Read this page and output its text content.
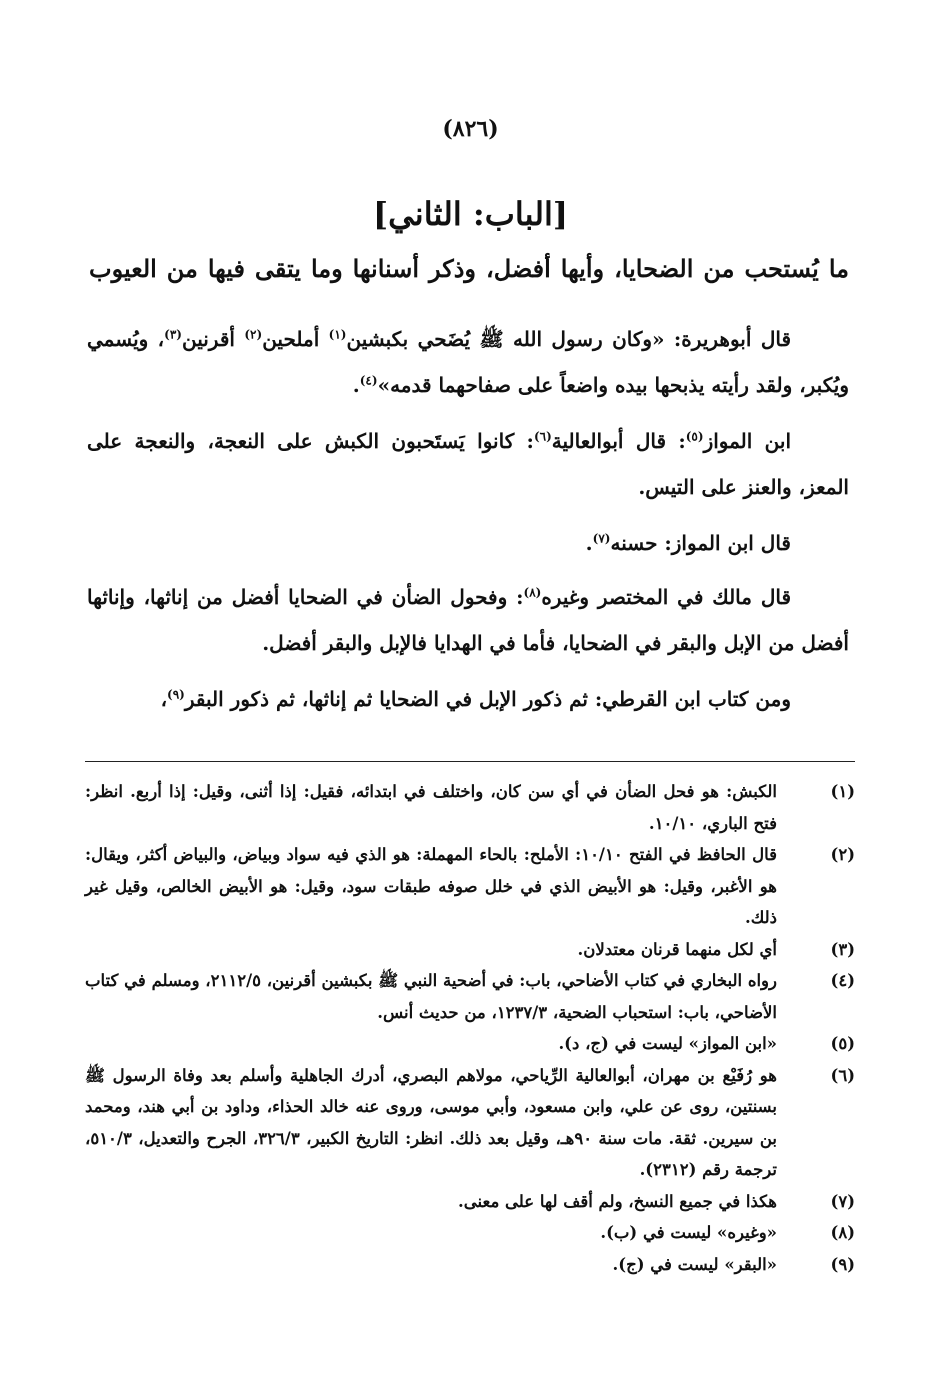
(٨٢٦)
[الباب: الثاني]
ما يُستحب من الضحايا، وأيها أفضل، وذكر أسنانها وما يتقى فيها من العيوب
قال أبوهريرة: «وكان رسول الله ﷺ يُضَحي بكبشين$^{(١)}$ أملحين$^{(٢)}$ أقرنين$^{(٣)}$، ويُسمي ويُكبر، ولقد رأيته يذبحها بيده واضعاً على صفاحهما قدمه»$^{(٤)}$.
ابن المواز$^{(٥)}$: قال أبوالعالية$^{(٦)}$: كانوا يَستَحبون الكبش على النعجة، والنعجة على المعز، والعنز على التيس.
قال ابن المواز: حسنه$^{(٧)}$.
قال مالك في المختصر وغيره$^{(٨)}$: وفحول الضأن في الضحايا أفضل من إناثها، وإناثها أفضل من الإبل والبقر في الضحايا، فأما في الهدايا فالإبل والبقر أفضل.
ومن كتاب ابن القرطي: ثم ذكور الإبل في الضحايا ثم إناثها، ثم ذكور البقر$^{(٩)}$،
(١)
الكبش: هو فحل الضأن في أي سن كان، واختلف في ابتدائه، فقيل: إذا أثنى، وقيل: إذا أربع. انظر: فتح الباري، ١٠/١٠.
(٢)
قال الحافظ في الفتح ١٠/١٠: الأملح: بالحاء المهملة: هو الذي فيه سواد وبياض، والبياض أكثر، ويقال: هو الأغبر، وقيل: هو الأبيض الذي في خلل صوفه طبقات سود، وقيل: هو الأبيض الخالص، وقيل غير ذلك.
(٣)
أي لكل منهما قرنان معتدلان.
(٤)
رواه البخاري في كتاب الأضاحي، باب: في أضحية النبي ﷺ بكبشين أقرنين، ٢١١٢/٥، ومسلم في كتاب الأضاحي، باب: استحباب الضحية، ١٢٣٧/٣، من حديث أنس.
(٥)
«ابن المواز» ليست في (ج، د).
(٦)
هو رُفَيْع بن مهران، أبوالعالية الرِّياحي، مولاهم البصري، أدرك الجاهلية وأسلم بعد وفاة الرسول ﷺ بسنتين، روى عن علي، وابن مسعود، وأبي موسى، وروى عنه خالد الحذاء، وداود بن أبي هند، ومحمد بن سيرين. ثقة. مات سنة ٩٠هـ، وقيل بعد ذلك. انظر: التاريخ الكبير، ٣٢٦/٣، الجرح والتعديل، ٥١٠/٣، ترجمة رقم (٢٣١٢).
(٧)
هكذا في جميع النسخ، ولم أقف لها على معنى.
(٨)
«وغيره» ليست في (ب).
(٩)
«البقر» ليست في (ج).
